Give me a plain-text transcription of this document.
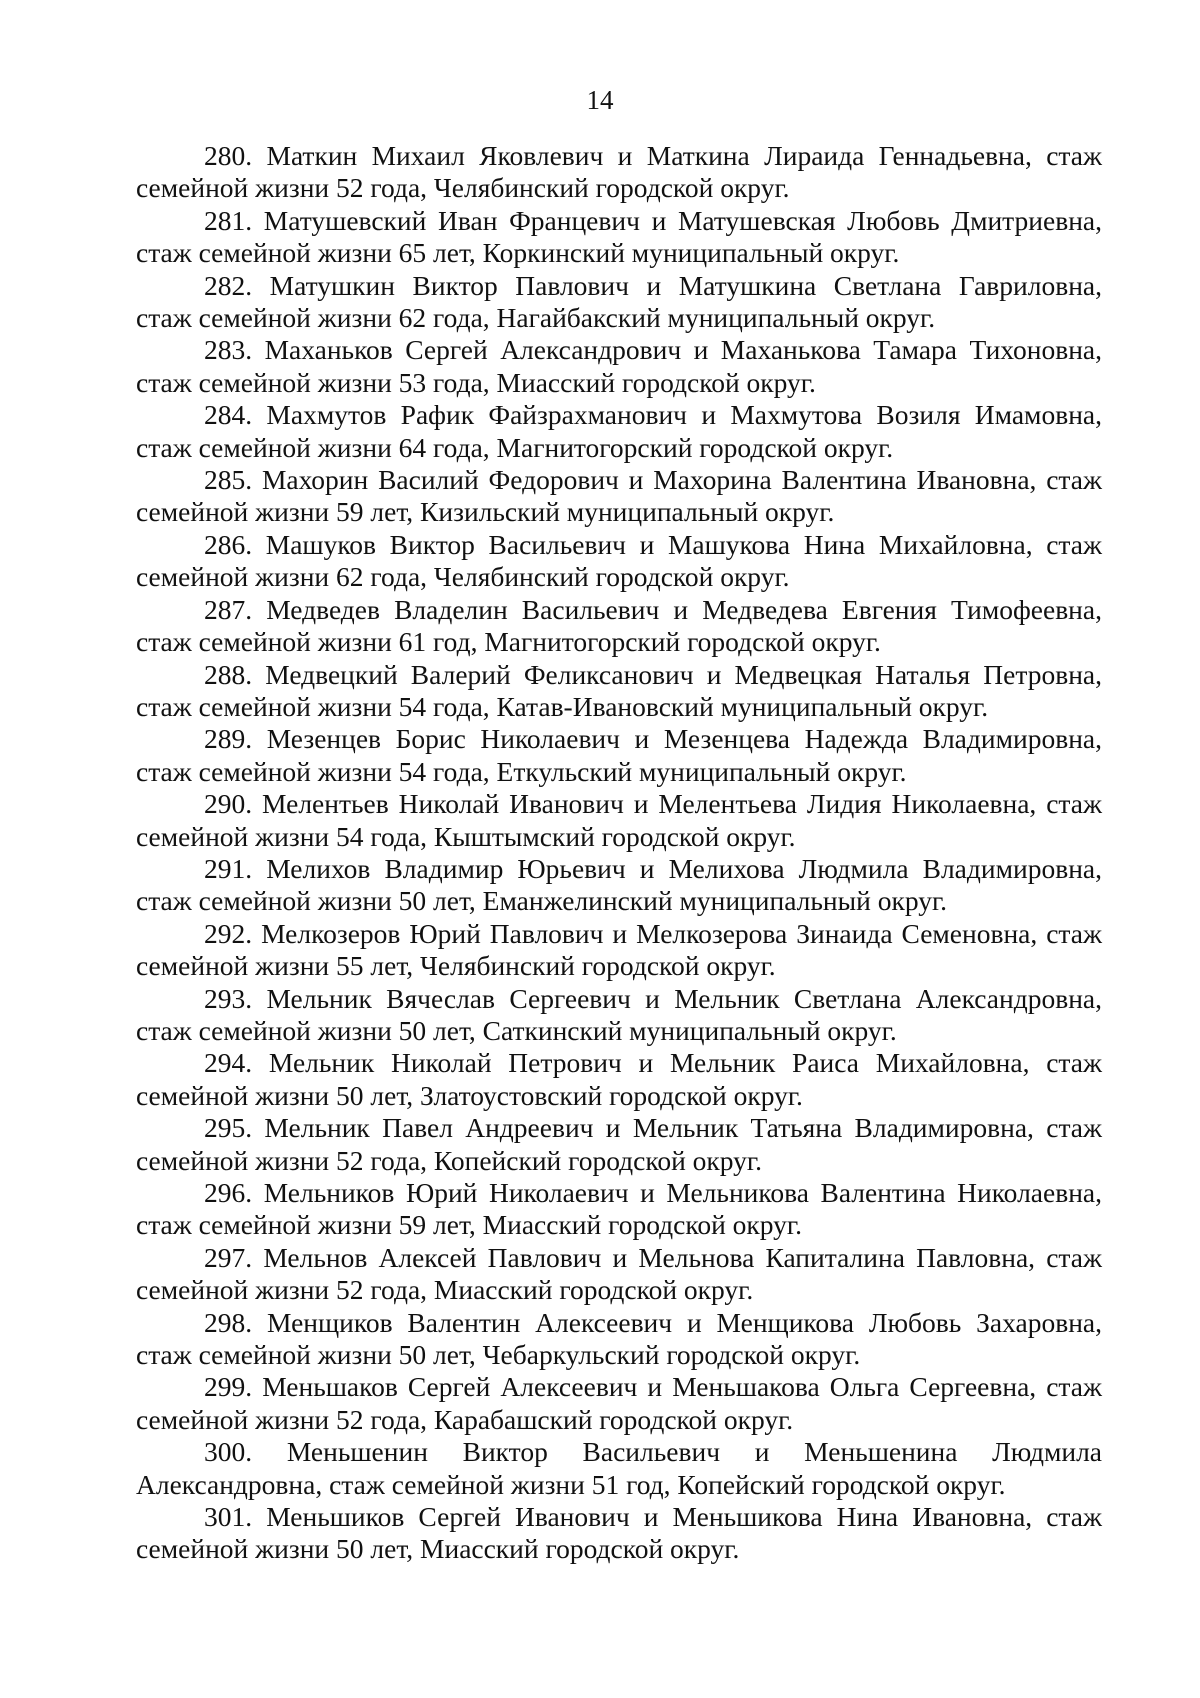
14
280. Маткин Михаил Яковлевич и Маткина Лираида Геннадьевна, стаж
семейной жизни 52 года, Челябинский городской округ.
281. Матушевский Иван Францевич и Матушевская Любовь Дмитриевна,
стаж семейной жизни 65 лет, Коркинский муниципальный округ.
282. Матушкин Виктор Павлович и Матушкина Светлана Гавриловна,
стаж семейной жизни 62 года, Нагайбакский муниципальный округ.
283. Маханьков Сергей Александрович и Маханькова Тамара Тихоновна,
стаж семейной жизни 53 года, Миасский городской округ.
284. Махмутов Рафик Файзрахманович и Махмутова Возиля Имамовна,
стаж семейной жизни 64 года, Магнитогорский городской округ.
285. Махорин Василий Федорович и Махорина Валентина Ивановна, стаж
семейной жизни 59 лет, Кизильский муниципальный округ.
286. Машуков Виктор Васильевич и Машукова Нина Михайловна, стаж
семейной жизни 62 года, Челябинский городской округ.
287. Медведев Владелин Васильевич и Медведева Евгения Тимофеевна,
стаж семейной жизни 61 год, Магнитогорский городской округ.
288. Медвецкий Валерий Феликсанович и Медвецкая Наталья Петровна,
стаж семейной жизни 54 года, Катав-Ивановский муниципальный округ.
289. Мезенцев Борис Николаевич и Мезенцева Надежда Владимировна,
стаж семейной жизни 54 года, Еткульский муниципальный округ.
290. Мелентьев Николай Иванович и Мелентьева Лидия Николаевна, стаж
семейной жизни 54 года, Кыштымский городской округ.
291. Мелихов Владимир Юрьевич и Мелихова Людмила Владимировна,
стаж семейной жизни 50 лет, Еманжелинский муниципальный округ.
292. Мелкозеров Юрий Павлович и Мелкозерова Зинаида Семеновна, стаж
семейной жизни 55 лет, Челябинский городской округ.
293. Мельник Вячеслав Сергеевич и Мельник Светлана Александровна,
стаж семейной жизни 50 лет, Саткинский муниципальный округ.
294. Мельник Николай Петрович и Мельник Раиса Михайловна, стаж
семейной жизни 50 лет, Златоустовский городской округ.
295. Мельник Павел Андреевич и Мельник Татьяна Владимировна, стаж
семейной жизни 52 года, Копейский городской округ.
296. Мельников Юрий Николаевич и Мельникова Валентина Николаевна,
стаж семейной жизни 59 лет, Миасский городской округ.
297. Мельнов Алексей Павлович и Мельнова Капиталина Павловна, стаж
семейной жизни 52 года, Миасский городской округ.
298. Менщиков Валентин Алексеевич и Менщикова Любовь Захаровна,
стаж семейной жизни 50 лет, Чебаркульский городской округ.
299. Меньшаков Сергей Алексеевич и Меньшакова Ольга Сергеевна, стаж
семейной жизни 52 года, Карабашский городской округ.
300. Меньшенин Виктор Васильевич и Меньшенина Людмила
Александровна, стаж семейной жизни 51 год, Копейский городской округ.
301. Меньшиков Сергей Иванович и Меньшикова Нина Ивановна, стаж
семейной жизни 50 лет, Миасский городской округ.
